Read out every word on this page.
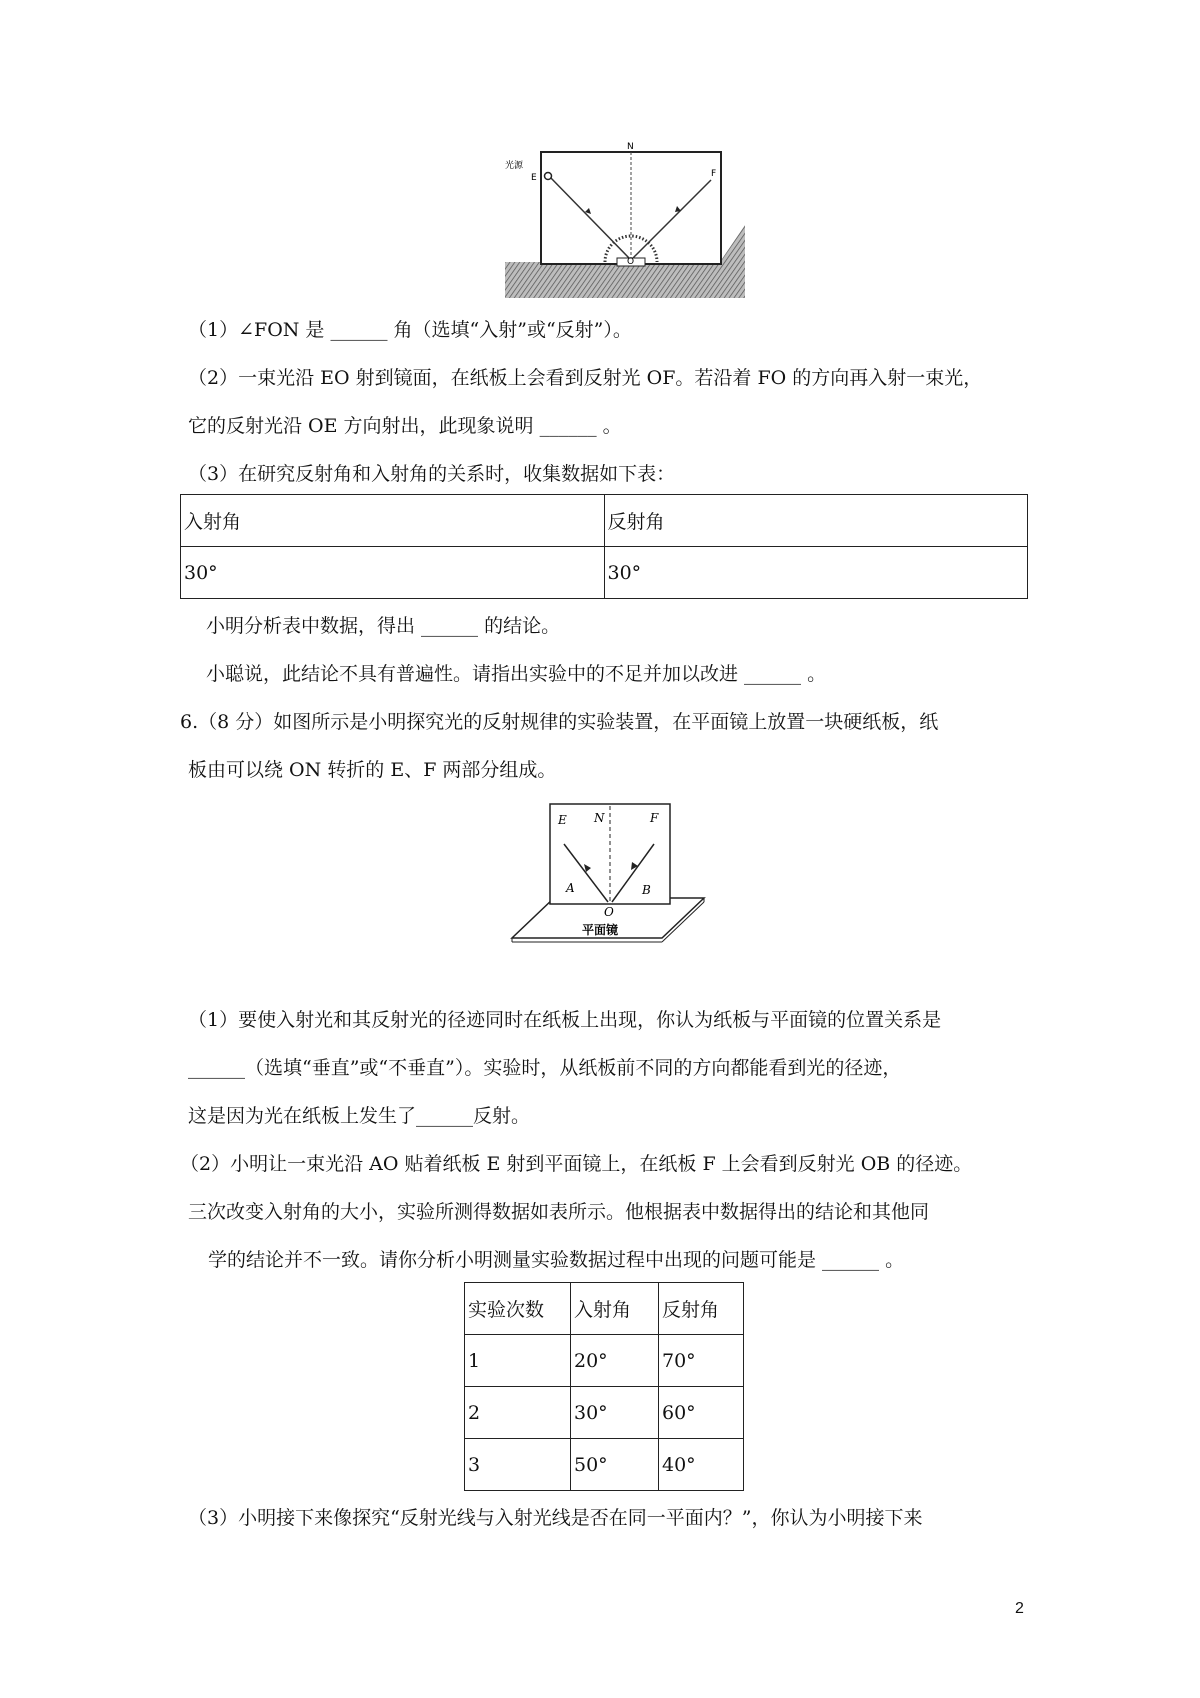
N
光源
E	F
O
（1）∠FON 是 ______ 角（选填“入射”或“反射”）。
（2）一束光沿 EO 射到镜面，在纸板上会看到反射光 OF。若沿着 FO 的方向再入射一束光，
它的反射光沿 OE 方向射出，此现象说明 ______ 。
（3）在研究反射角和入射角的关系时，收集数据如下表：
入射角	反射角
30°	30°
小明分析表中数据，得出 ______ 的结论。
小聪说，此结论不具有普遍性。请指出实验中的不足并加以改进 ______ 。
6.（8 分）如图所示是小明探究光的反射规律的实验装置，在平面镜上放置一块硬纸板，纸
板由可以绕 ON 转折的 E、F 两部分组成。
E N	F
A	B
O
平面镜
（1）要使入射光和其反射光的径迹同时在纸板上出现，你认为纸板与平面镜的位置关系是
______（选填“垂直”或“不垂直”）。实验时，从纸板前不同的方向都能看到光的径迹，
这是因为光在纸板上发生了______反射。
（2）小明让一束光沿 AO 贴着纸板 E 射到平面镜上，在纸板 F 上会看到反射光 OB 的径迹。
三次改变入射角的大小，实验所测得数据如表所示。他根据表中数据得出的结论和其他同
学的结论并不一致。请你分析小明测量实验数据过程中出现的问题可能是 ______ 。
实验次数	入射角	反射角
1	20°	70°
2	30°	60°
3	50°	40°
（3）小明接下来像探究“反射光线与入射光线是否在同一平面内？”，你认为小明接下来
2
